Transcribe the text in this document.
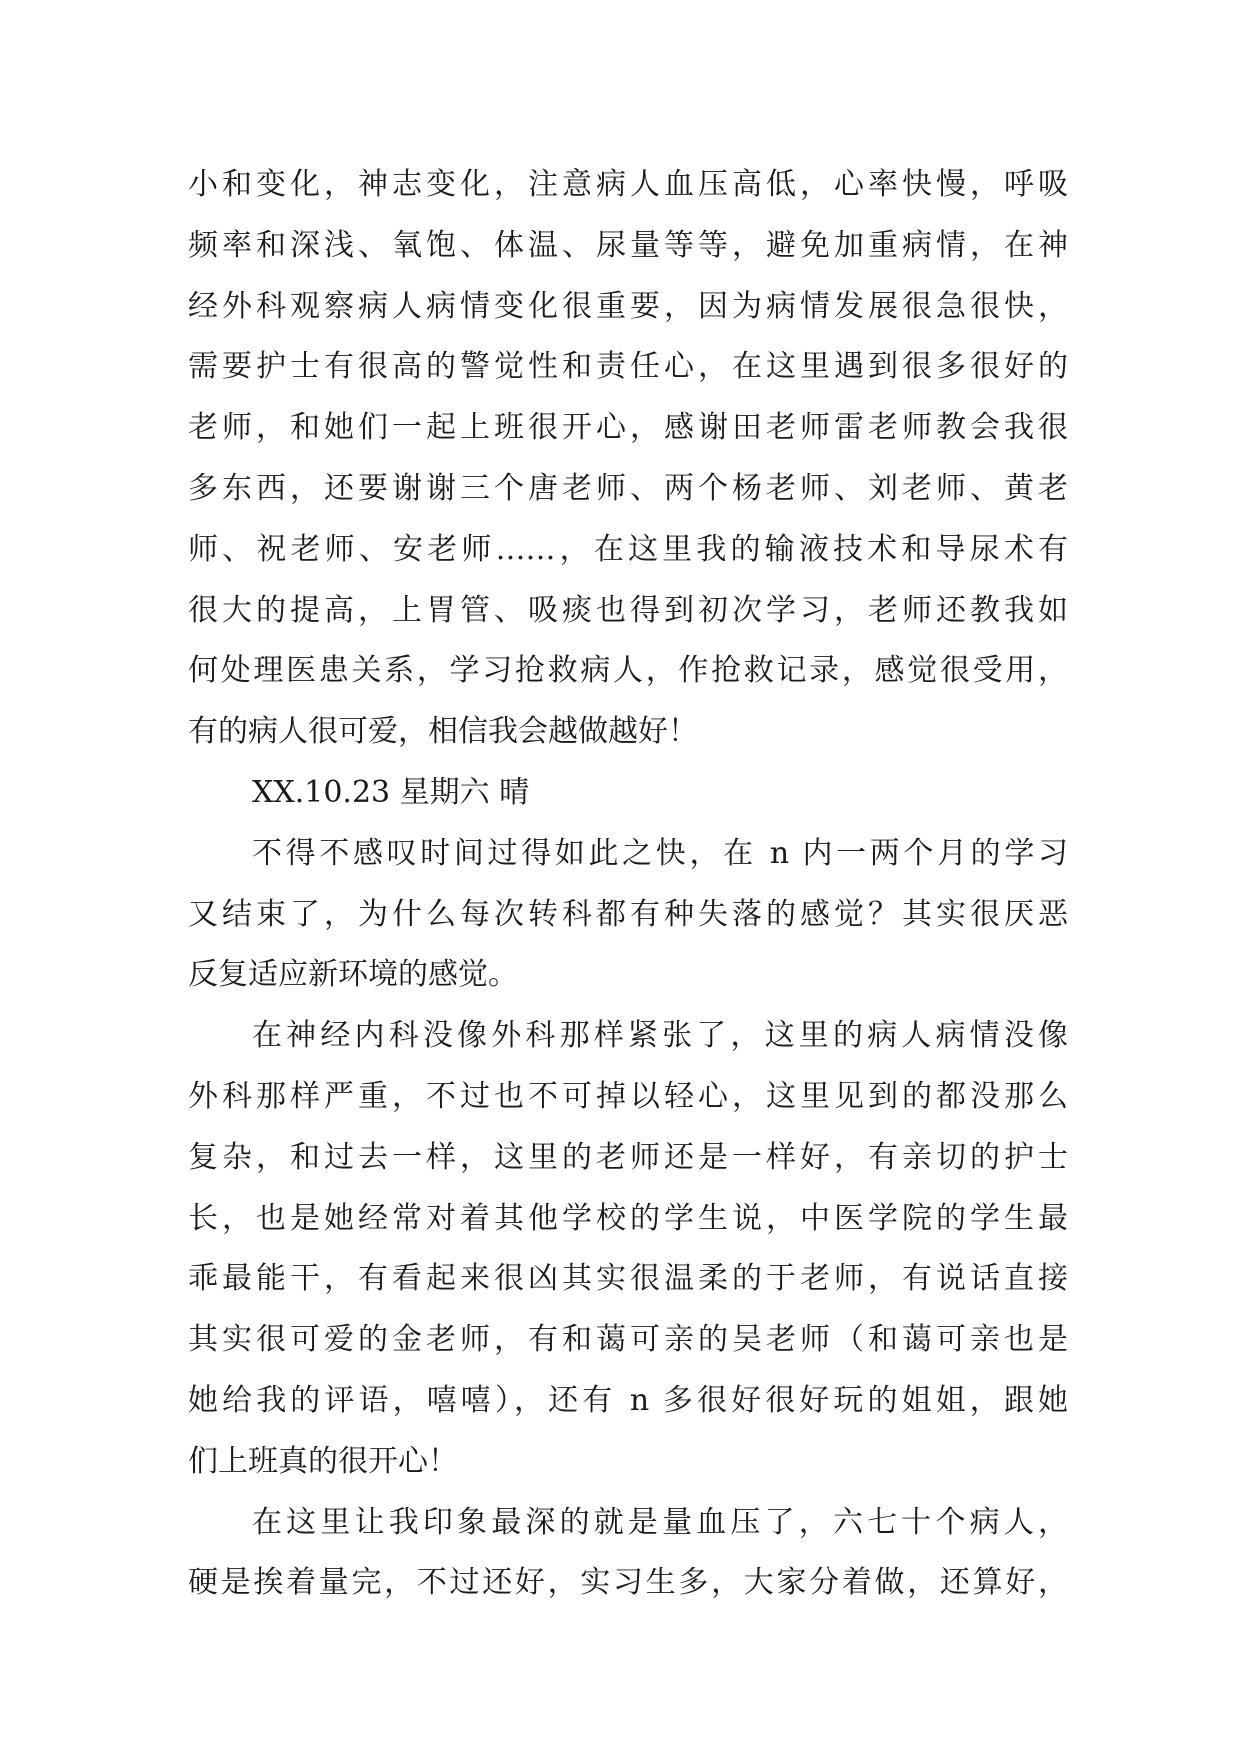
小和变化，神志变化，注意病人血压高低，心率快慢，呼吸
频率和深浅、氧饱、体温、尿量等等，避免加重病情，在神
经外科观察病人病情变化很重要，因为病情发展很急很快，
需要护士有很高的警觉性和责任心，在这里遇到很多很好的
老师，和她们一起上班很开心，感谢田老师雷老师教会我很
多东西，还要谢谢三个唐老师、两个杨老师、刘老师、黄老
师、祝老师、安老师……，在这里我的输液技术和导尿术有
很大的提高，上胃管、吸痰也得到初次学习，老师还教我如
何处理医患关系，学习抢救病人，作抢救记录，感觉很受用，
有的病人很可爱，相信我会越做越好！
XX.10.23 星期六 晴
不得不感叹时间过得如此之快，在 n 内一两个月的学习
又结束了，为什么每次转科都有种失落的感觉？其实很厌恶
反复适应新环境的感觉。
在神经内科没像外科那样紧张了，这里的病人病情没像
外科那样严重，不过也不可掉以轻心，这里见到的都没那么
复杂，和过去一样，这里的老师还是一样好，有亲切的护士
长，也是她经常对着其他学校的学生说，中医学院的学生最
乖最能干，有看起来很凶其实很温柔的于老师，有说话直接
其实很可爱的金老师，有和蔼可亲的吴老师（和蔼可亲也是
她给我的评语，嘻嘻），还有 n 多很好很好玩的姐姐，跟她
们上班真的很开心！
在这里让我印象最深的就是量血压了，六七十个病人，
硬是挨着量完，不过还好，实习生多，大家分着做，还算好，
